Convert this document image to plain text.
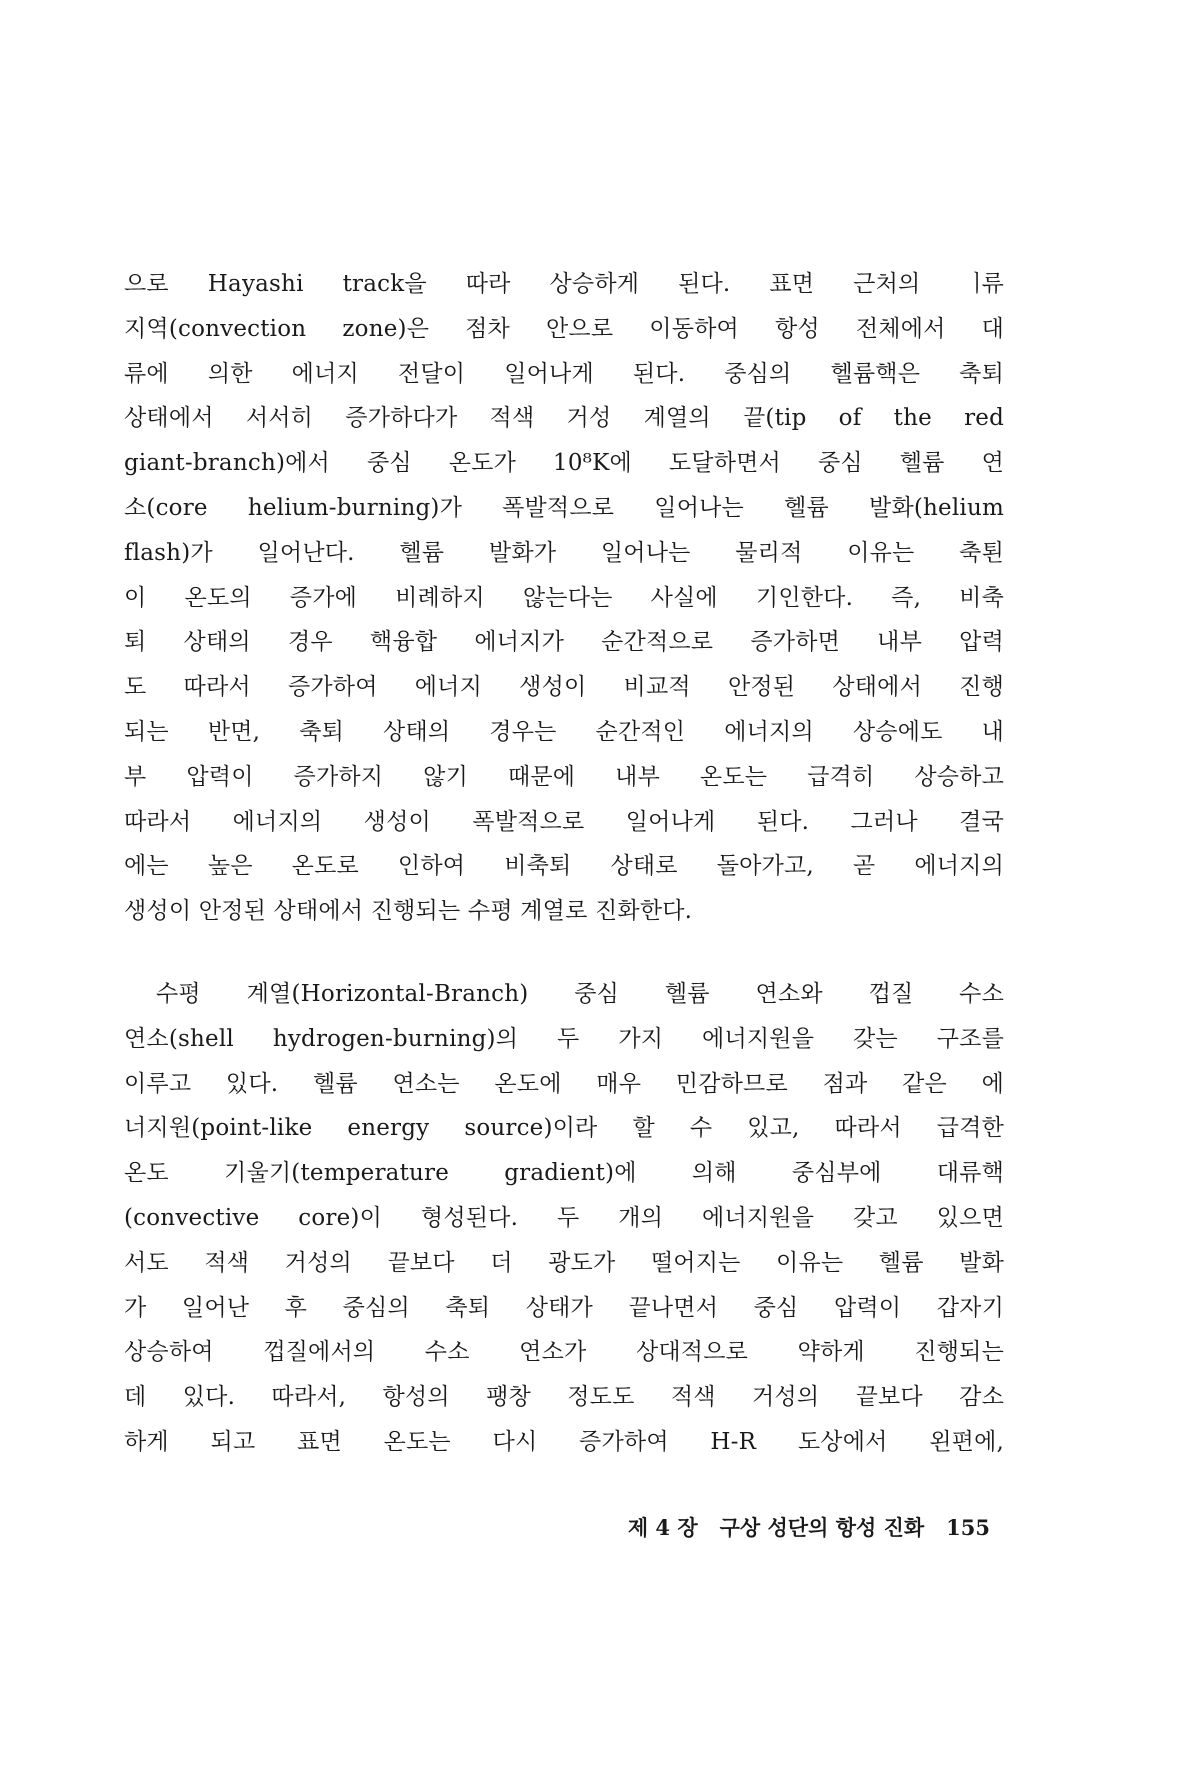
으로 Hayashi track을 따라 상승하게 된다. 표면 근처의 ᅟᅵ류
지역(convection zone)은 점차 안으로 이동하여 항성 전체에서 대
류에 의한 에너지 전달이 일어나게 된다. 중심의 헬륨핵은 축퇴
상태에서 서서히 증가하다가 적색 거성 계열의 끝(tip of the red
giant-branch)에서 중심 온도가 10⁸K에 도달하면서 중심 헬륨 연
소(core helium-burning)가 폭발적으로 일어나는 헬륨 발화(helium
flash)가 일어난다. 헬륨 발화가 일어나는 물리적 이유는 축퇸
이 온도의 증가에 비례하지 않는다는 사실에 기인한다. 즉, 비축
퇴 상태의 경우 핵융합 에너지가 순간적으로 증가하면 내부 압력
도 따라서 증가하여 에너지 생성이 비교적 안정된 상태에서 진행
되는 반면, 축퇴 상태의 경우는 순간적인 에너지의 상승에도 내
부 압력이 증가하지 않기 때문에 내부 온도는 급격히 상승하고
따라서 에너지의 생성이 폭발적으로 일어나게 된다. 그러나 결국
에는 높은 온도로 인하여 비축퇴 상태로 돌아가고, 곧 에너지의
생성이 안정된 상태에서 진행되는 수평 계열로 진화한다.
수평 계열(Horizontal-Branch) 중심 헬륨 연소와 껍질 수소
연소(shell hydrogen-burning)의 두 가지 에너지원을 갖는 구조를
이루고 있다. 헬륨 연소는 온도에 매우 민감하므로 점과 같은 에
너지원(point-like energy source)이라 할 수 있고, 따라서 급격한
온도 기울기(temperature gradient)에 의해 중심부에 대류핵
(convective core)이 형성된다. 두 개의 에너지원을 갖고 있으면
서도 적색 거성의 끝보다 더 광도가 떨어지는 이유는 헬륨 발화
가 일어난 후 중심의 축퇴 상태가 끝나면서 중심 압력이 갑자기
상승하여 껍질에서의 수소 연소가 상대적으로 약하게 진행되는
데 있다. 따라서, 항성의 팽창 정도도 적색 거성의 끝보다 감소
하게 되고 표면 온도는 다시 증가하여 H-R 도상에서 왼편에,
제 4 장 구상 성단의 항성 진화 155
